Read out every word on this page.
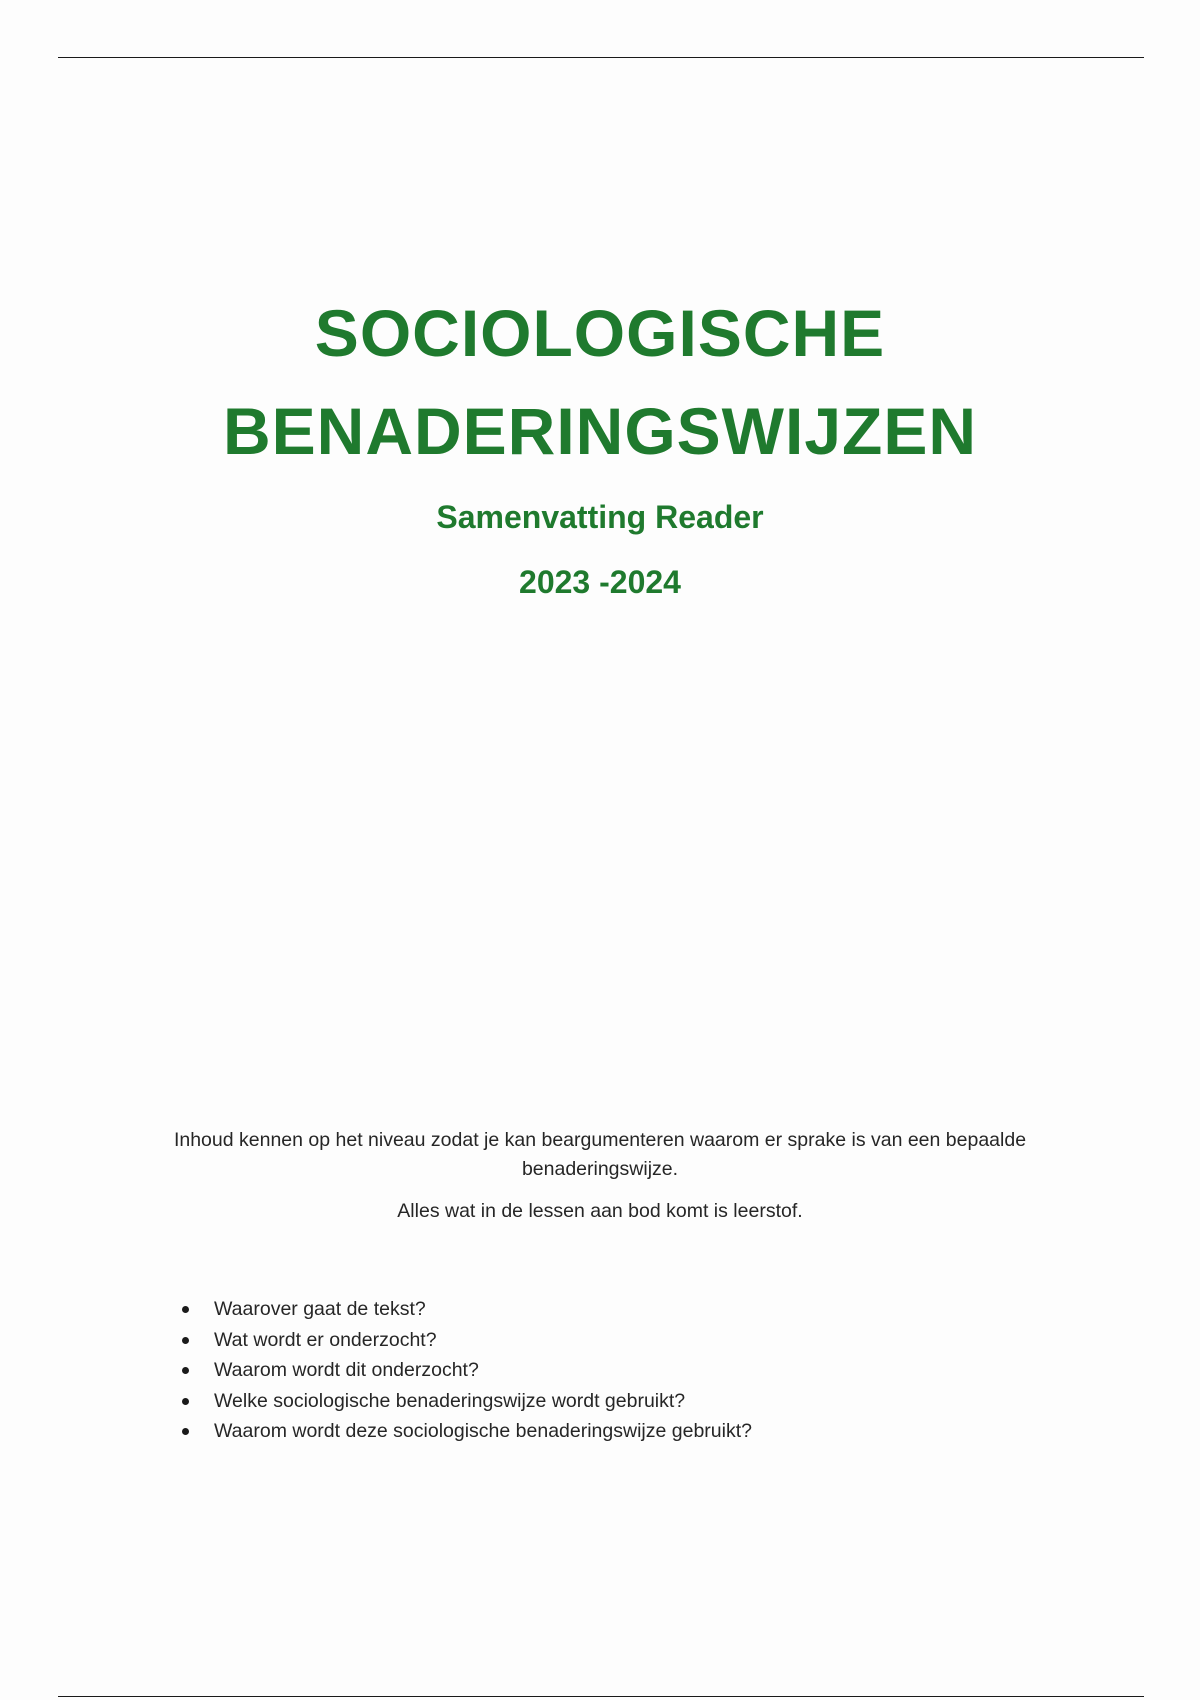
SOCIOLOGISCHE
BENADERINGSWIJZEN
Samenvatting Reader
2023 -2024

Inhoud kennen op het niveau zodat je kan beargumenteren waarom er sprake is van een bepaalde benaderingswijze.

Alles wat in de lessen aan bod komt is leerstof.

Waarover gaat de tekst?
Wat wordt er onderzocht?
Waarom wordt dit onderzocht?
Welke sociologische benaderingswijze wordt gebruikt?
Waarom wordt deze sociologische benaderingswijze gebruikt?
